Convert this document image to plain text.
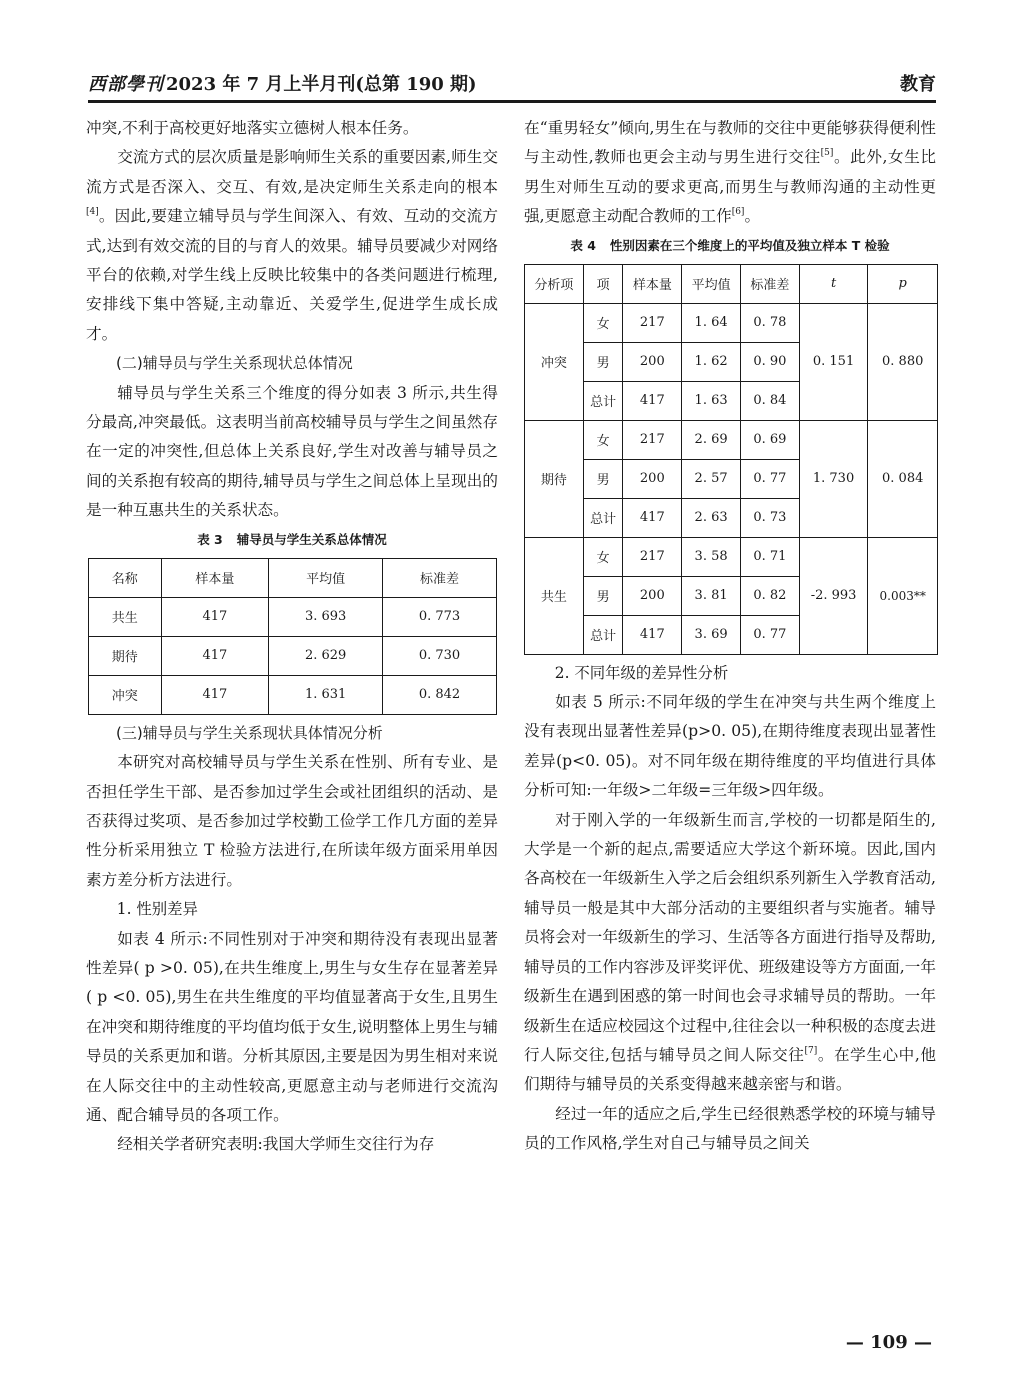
西部學刊 2023 年 7 月上半月刊(总第 190 期)	教育

冲突,不利于高校更好地落实立德树人根本任务。

交流方式的层次质量是影响师生关系的重要因素,师生交流方式是否深入、交互、有效,是决定师生关系走向的根本[4]。因此,要建立辅导员与学生间深入、有效、互动的交流方式,达到有效交流的目的与育人的效果。辅导员要减少对网络平台的依赖,对学生线上反映比较集中的各类问题进行梳理,安排线下集中答疑,主动靠近、关爱学生,促进学生成长成才。

(二)辅导员与学生关系现状总体情况

辅导员与学生关系三个维度的得分如表 3 所示,共生得分最高,冲突最低。这表明当前高校辅导员与学生之间虽然存在一定的冲突性,但总体上关系良好,学生对改善与辅导员之间的关系抱有较高的期待,辅导员与学生之间总体上呈现出的是一种互惠共生的关系状态。

表 3 辅导员与学生关系总体情况
名称	样本量	平均值	标准差
共生	417	3. 693	0. 773
期待	417	2. 629	0. 730
冲突	417	1. 631	0. 842
(三)辅导员与学生关系现状具体情况分析

本研究对高校辅导员与学生关系在性别、所有专业、是否担任学生干部、是否参加过学生会或社团组织的活动、是否获得过奖项、是否参加过学校勤工俭学工作几方面的差异性分析采用独立 T 检验方法进行,在所读年级方面采用单因素方差分析方法进行。

1. 性别差异

如表 4 所示:不同性别对于冲突和期待没有表现出显著性差异( p >0. 05),在共生维度上,男生与女生存在显著差异( p <0. 05),男生在共生维度的平均值显著高于女生,且男生在冲突和期待维度的平均值均低于女生,说明整体上男生与辅导员的关系更加和谐。分析其原因,主要是因为男生相对来说在人际交往中的主动性较高,更愿意主动与老师进行交流沟通、配合辅导员的各项工作。

经相关学者研究表明:我国大学师生交往行为存

在“重男轻女”倾向,男生在与教师的交往中更能够获得便利性与主动性,教师也更会主动与男生进行交往[5]。此外,女生比男生对师生互动的要求更高,而男生与教师沟通的主动性更强,更愿意主动配合教师的工作[6]。

表 4 性别因素在三个维度上的平均值及独立样本 T 检验
分析项	项	样本量	平均值	标准差	t	p
冲突	女	217	1. 64	0. 78	0. 151	0. 880
	男	200	1. 62	0. 90		
	总计	417	1. 63	0. 84		
期待	女	217	2. 69	0. 69	1. 730	0. 084
	男	200	2. 57	0. 77		
	总计	417	2. 63	0. 73		
共生	女	217	3. 58	0. 71	-2. 993	0.003**
	男	200	3. 81	0. 82		
	总计	417	3. 69	0. 77		
2. 不同年级的差异性分析

如表 5 所示:不同年级的学生在冲突与共生两个维度上没有表现出显著性差异(p>0. 05),在期待维度表现出显著性差异(p<0. 05)。对不同年级在期待维度的平均值进行具体分析可知:一年级>二年级=三年级>四年级。

对于刚入学的一年级新生而言,学校的一切都是陌生的,大学是一个新的起点,需要适应大学这个新环境。因此,国内各高校在一年级新生入学之后会组织系列新生入学教育活动,辅导员一般是其中大部分活动的主要组织者与实施者。辅导员将会对一年级新生的学习、生活等各方面进行指导及帮助,辅导员的工作内容涉及评奖评优、班级建设等方方面面,一年级新生在遇到困惑的第一时间也会寻求辅导员的帮助。一年级新生在适应校园这个过程中,往往会以一种积极的态度去进行人际交往,包括与辅导员之间人际交往[7]。在学生心中,他们期待与辅导员的关系变得越来越亲密与和谐。

经过一年的适应之后,学生已经很熟悉学校的环境与辅导员的工作风格,学生对自己与辅导员之间关

— 109 —
